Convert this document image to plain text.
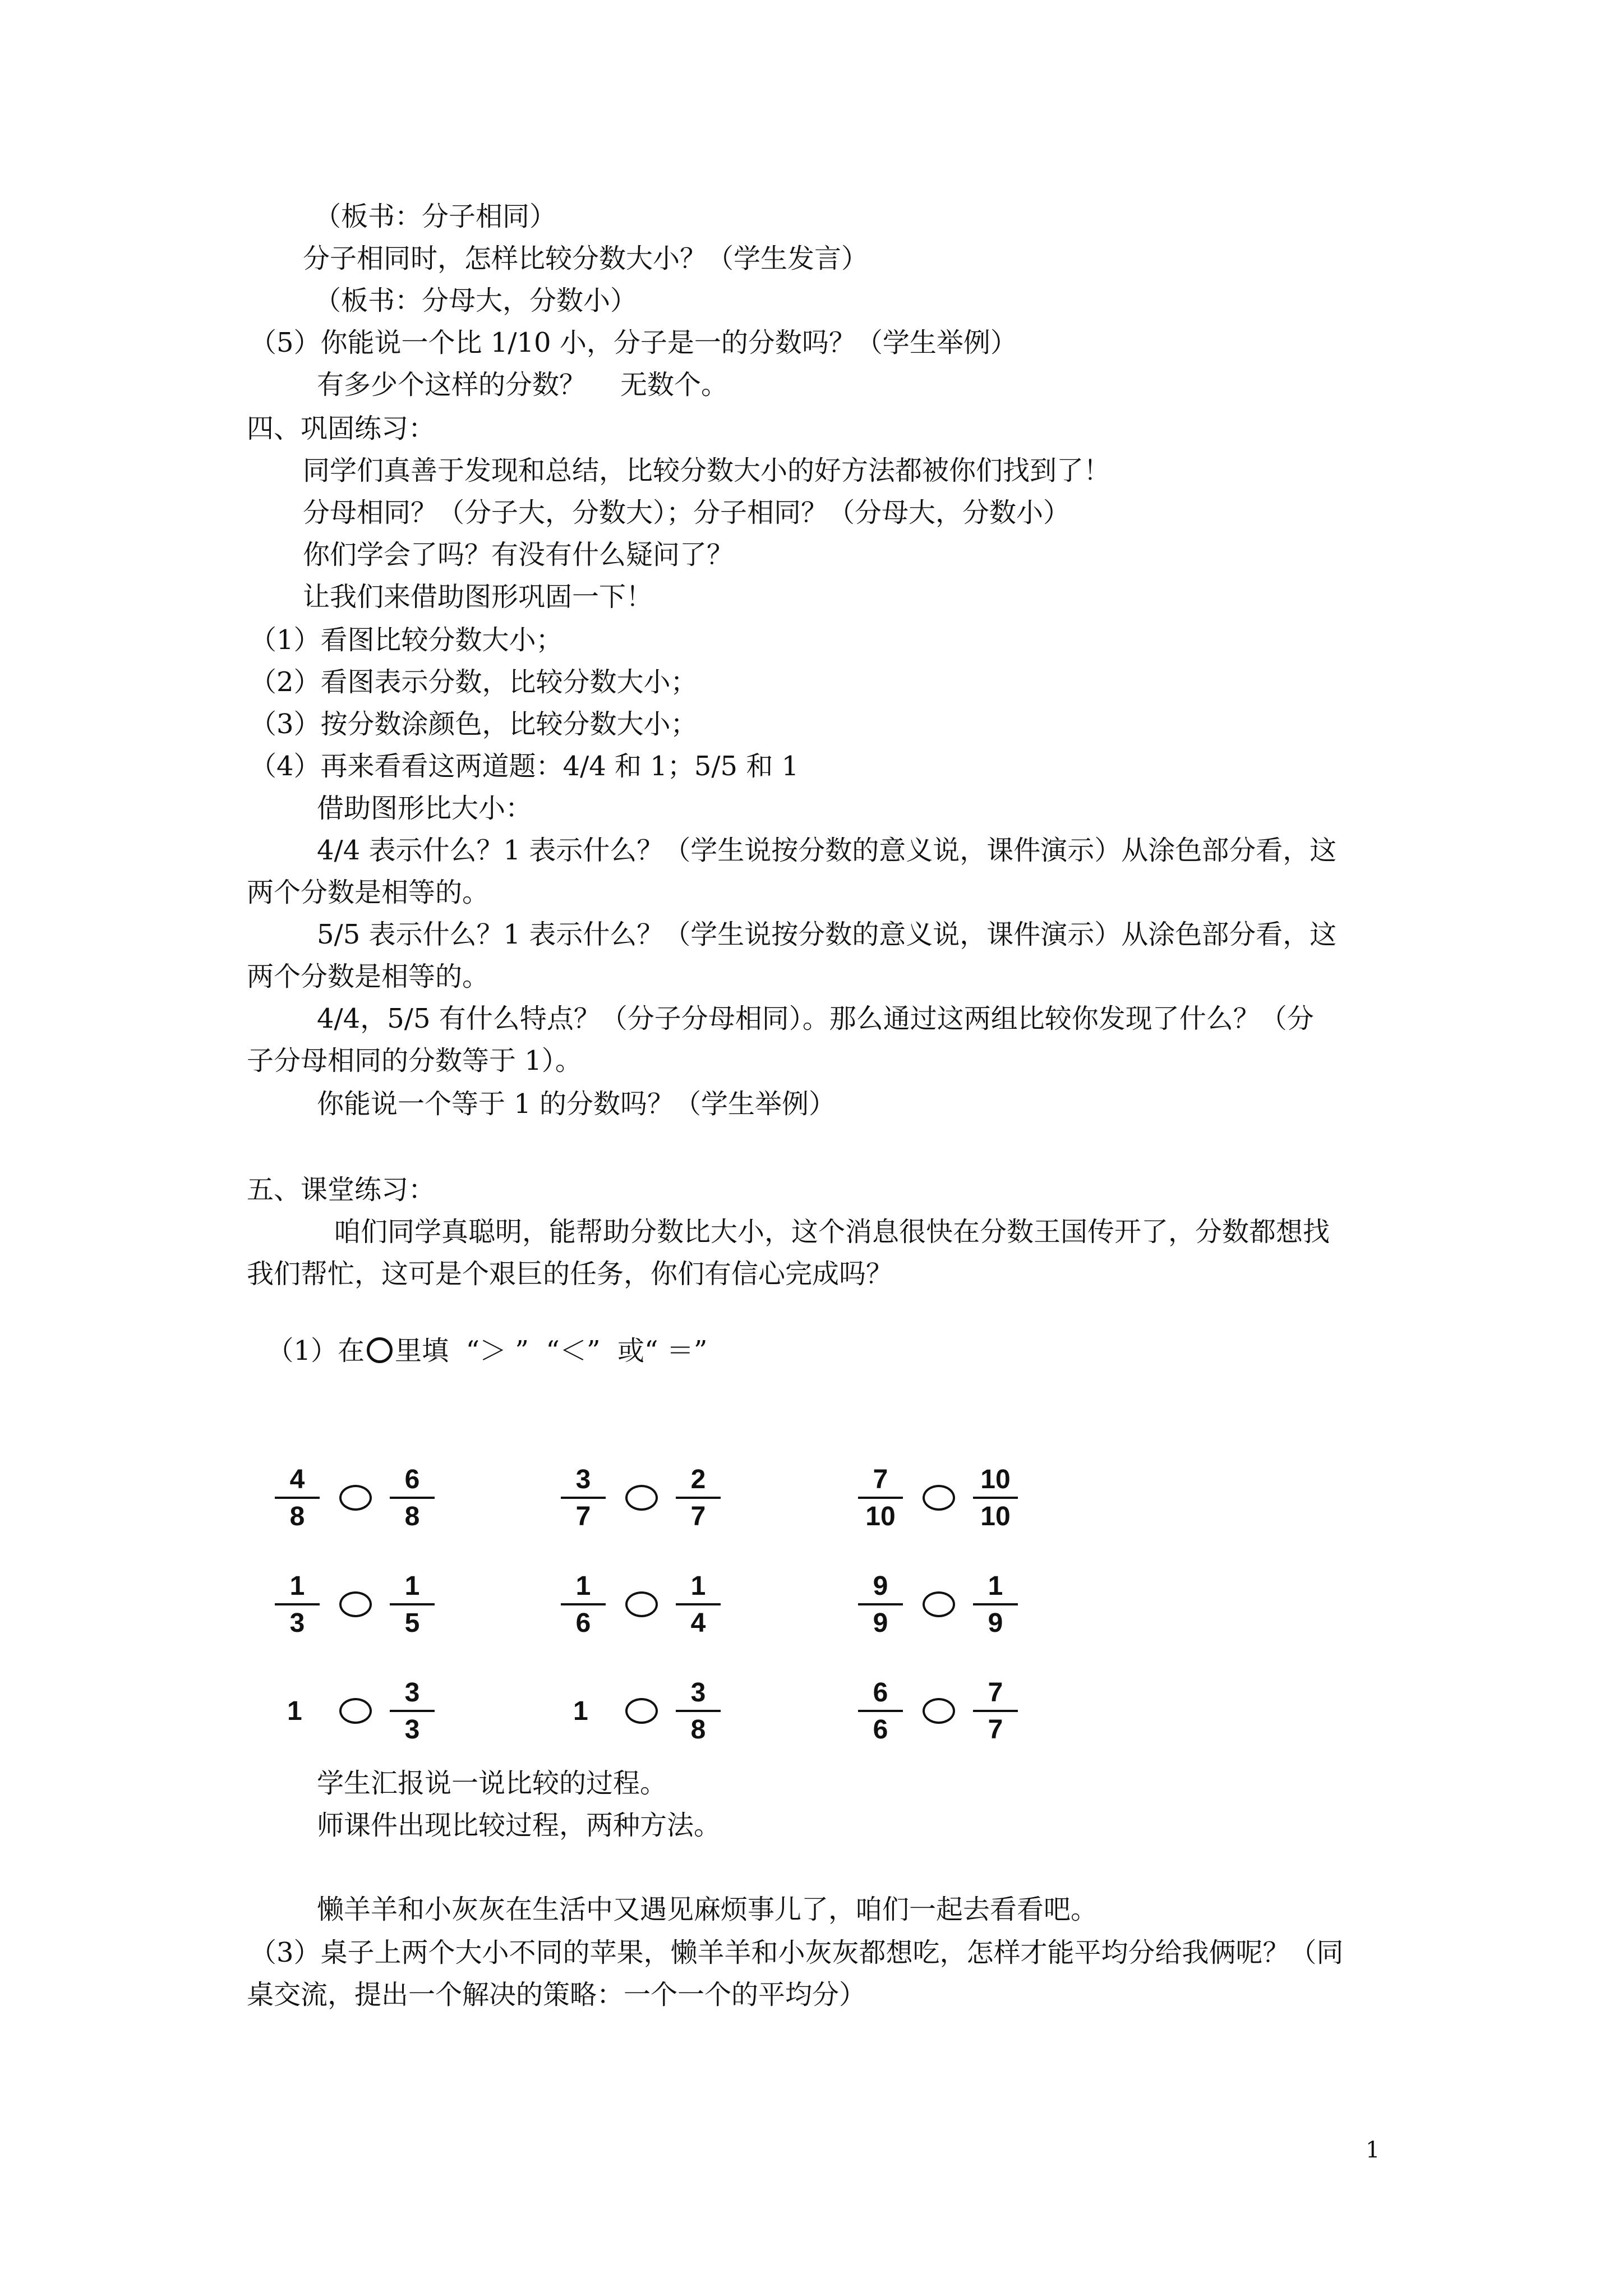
（板书：分子相同）
分子相同时，怎样比较分数大小？（学生发言）
（板书：分母大，分数小）
（5）你能说一个比 1/10 小，分子是一的分数吗？（学生举例）
有多少个这样的分数？    无数个。
四、巩固练习：
同学们真善于发现和总结，比较分数大小的好方法都被你们找到了！
分母相同？（分子大，分数大）；分子相同？（分母大，分数小）
你们学会了吗？有没有什么疑问了？
让我们来借助图形巩固一下！
（1）看图比较分数大小；
（2）看图表示分数，比较分数大小；
（3）按分数涂颜色，比较分数大小；
（4）再来看看这两道题：4/4 和 1；5/5 和 1
借助图形比大小：
4/4 表示什么？1 表示什么？（学生说按分数的意义说，课件演示）从涂色部分看，这
两个分数是相等的。
5/5 表示什么？1 表示什么？（学生说按分数的意义说，课件演示）从涂色部分看，这
两个分数是相等的。
4/4，5/5 有什么特点？（分子分母相同）。那么通过这两组比较你发现了什么？（分
子分母相同的分数等于 1）。
你能说一个等于 1 的分数吗？（学生举例）
五、课堂练习：
咱们同学真聪明，能帮助分数比大小，这个消息很快在分数王国传开了，分数都想找
我们帮忙，这可是个艰巨的任务，你们有信心完成吗？

（1）在 里填  “＞ ”  “＜”  或“ ＝”

4
8
6
8
3
7
2
7
7
10
10
10
1
3
1
5
1
6
1
4
9
9
1
9
1
3
3
1
3
8
6
6
7
7
学生汇报说一说比较的过程。
师课件出现比较过程，两种方法。
懒羊羊和小灰灰在生活中又遇见麻烦事儿了，咱们一起去看看吧。
（3）桌子上两个大小不同的苹果，懒羊羊和小灰灰都想吃，怎样才能平均分给我俩呢？（同
桌交流，提出一个解决的策略：一个一个的平均分）
1
